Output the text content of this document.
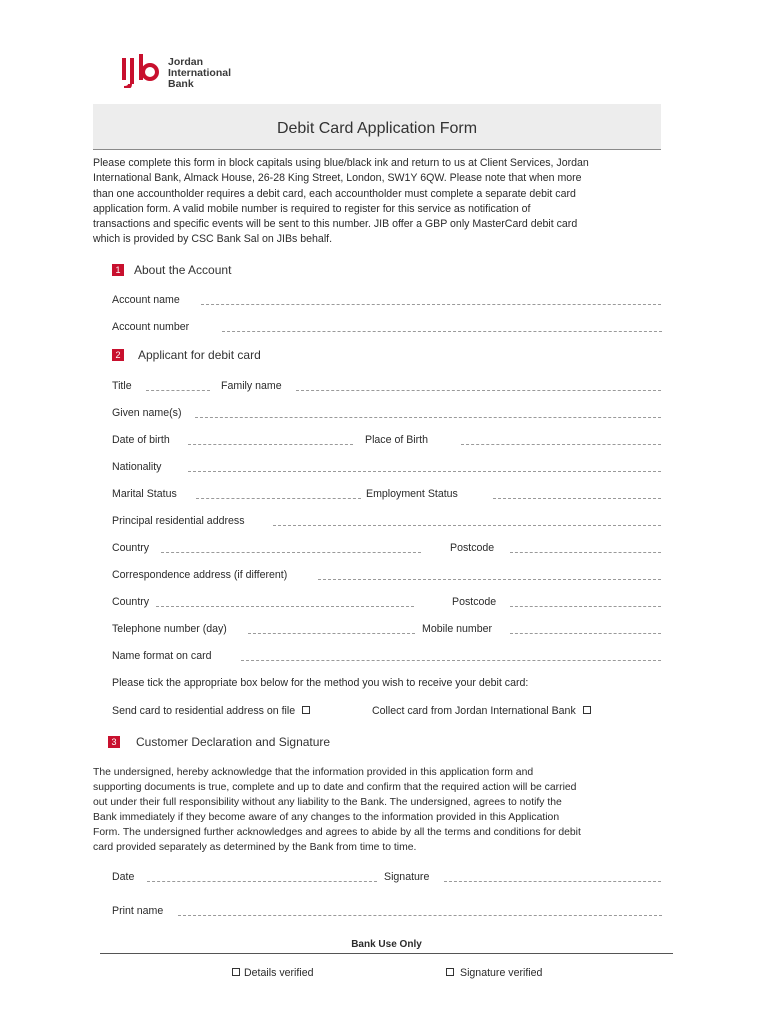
Jordan
International Bank
Debit Card Application Form
Please complete this form in block capitals using blue/black ink and return to us at Client Services, Jordan
International Bank, Almack House, 26-28 King Street, London, SW1Y 6QW. Please note that when more
than one accountholder requires a debit card, each accountholder must complete a separate debit card
application form. A valid mobile number is required to register for this service as notification of
transactions and specific events will be sent to this number. JIB offer a GBP only MasterCard debit card
which is provided by CSC Bank Sal on JIBs behalf.
1 About the Account
Account name
Account number
2 Applicant for debit card
Title	Family name
Given name(s)
Date of birth	Place of Birth
Nationality
Marital Status	Employment Status
Principal residential address
Country	Postcode
Correspondence address (if different)
Country	Postcode
Telephone number (day)	Mobile number
Name format on card
Please tick the appropriate box below for the method you wish to receive your debit card:
Send card to residential address on file	Collect card from Jordan International Bank
3 Customer Declaration and Signature
The undersigned, hereby acknowledge that the information provided in this application form and
supporting documents is true, complete and up to date and confirm that the required action will be carried
out under their full responsibility without any liability to the Bank. The undersigned, agrees to notify the
Bank immediately if they become aware of any changes to the information provided in this Application
Form. The undersigned further acknowledges and agrees to abide by all the terms and conditions for debit
card provided separately as determined by the Bank from time to time.
Date	Signature
Print name
Bank Use Only
Details verified	Signature verified
